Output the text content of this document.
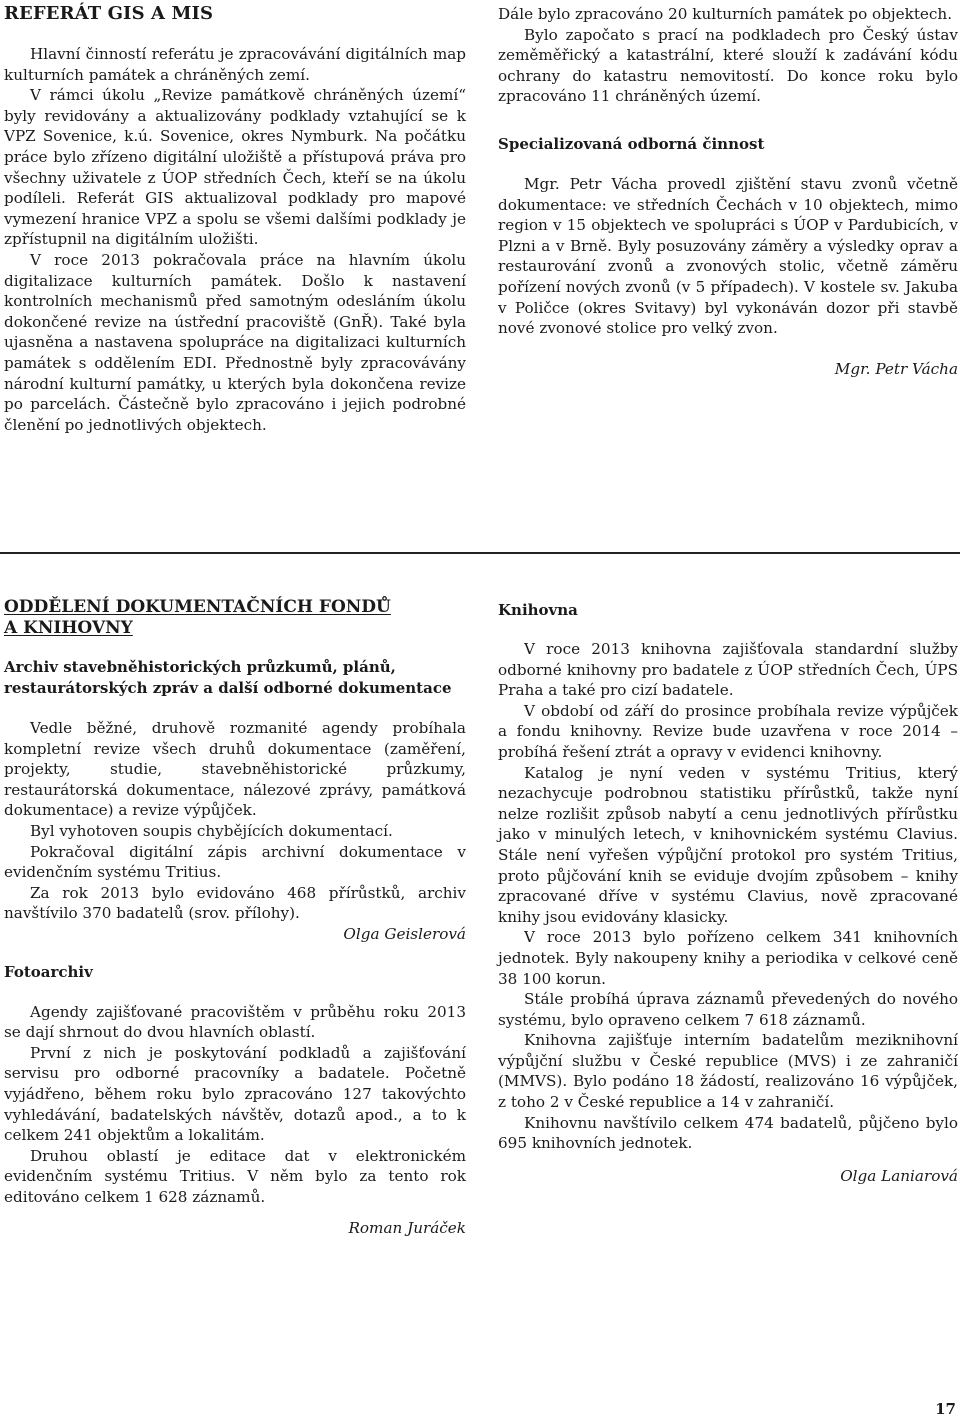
REFERÁT GIS A MIS

Hlavní činností referátu je zpracovávání digitálních map kulturních památek a chráněných zemí.

V rámci úkolu „Revize památkově chráněných území“ byly revidovány a aktualizovány podklady vztahující se k VPZ Sovenice, k.ú. Sovenice, okres Nymburk. Na počátku práce bylo zřízeno digitální uložiště a přístupová práva pro všechny uživatele z ÚOP středních Čech, kteří se na úkolu podíleli. Referát GIS aktualizoval podklady pro mapové vymezení hranice VPZ a spolu se všemi dalšími podklady je zpřístupnil na digitálním uložišti.

V roce 2013 pokračovala práce na hlavním úkolu digitalizace kulturních památek. Došlo k nastavení kontrolních mechanismů před samotným odesláním úkolu dokončené revize na ústřední pracoviště (GnŘ). Také byla ujasněna a nastavena spolupráce na digitalizaci kulturních památek s oddělením EDI. Přednostně byly zpracovávány národní kulturní památky, u kterých byla dokončena revize po parcelách. Částečně bylo zpracováno i jejich podrobné členění po jednotlivých objektech.

Dále bylo zpracováno 20 kulturních památek po objektech.

Bylo započato s prací na podkladech pro Český ústav zeměměřický a katastrální, které slouží k zadávání kódu ochrany do katastru nemovitostí. Do konce roku bylo zpracováno 11 chráněných území.

Specializovaná odborná činnost

Mgr. Petr Vácha provedl zjištění stavu zvonů včetně dokumentace: ve středních Čechách v 10 objektech, mimo region v 15 objektech ve spolupráci s ÚOP v Pardubicích, v Plzni a v Brně. Byly posuzovány záměry a výsledky oprav a restaurování zvonů a zvonových stolic, včetně záměru pořízení nových zvonů (v 5 případech). V kostele sv. Jakuba v Poličce (okres Svitavy) byl vykonáván dozor při stavbě nové zvonové stolice pro velký zvon.

Mgr. Petr Vácha

ODDĚLENÍ DOKUMENTAČNÍCH FONDŮ
A KNIHOVNY
Archiv stavebněhistorických průzkumů, plánů,
restaurátorských zpráv a další odborné dokumentace

Vedle běžné, druhově rozmanité agendy probíhala kompletní revize všech druhů dokumentace (zaměření, projekty, studie, stavebněhistorické průzkumy, restaurátorská dokumentace, nálezové zprávy, památková dokumentace) a revize výpůjček.

Byl vyhotoven soupis chybějících dokumentací.

Pokračoval digitální zápis archivní dokumentace v evidenčním systému Tritius.

Za rok 2013 bylo evidováno 468 přírůstků, archiv navštívilo 370 badatelů (srov. přílohy).

Olga Geislerová

Fotoarchiv

Agendy zajišťované pracovištěm v průběhu roku 2013 se dají shrnout do dvou hlavních oblastí.

První z nich je poskytování podkladů a zajišťování servisu pro odborné pracovníky a badatele. Početně vyjádřeno, během roku bylo zpracováno 127 takovýchto vyhledávání, badatelských návštěv, dotazů apod., a to k celkem 241 objektům a lokalitám.

Druhou oblastí je editace dat v elektronickém evidenčním systému Tritius. V něm bylo za tento rok editováno celkem 1 628 záznamů.

Roman Juráček

Knihovna

V roce 2013 knihovna zajišťovala standardní služby odborné knihovny pro badatele z ÚOP středních Čech, ÚPS Praha a také pro cizí badatele.

V období od září do prosince probíhala revize výpůjček a fondu knihovny. Revize bude uzavřena v roce 2014 – probíhá řešení ztrát a opravy v evidenci knihovny.

Katalog je nyní veden v systému Tritius, který nezachycuje podrobnou statistiku přírůstků, takže nyní nelze rozlišit způsob nabytí a cenu jednotlivých přírůstku jako v minulých letech, v knihovnickém systému Clavius. Stále není vyřešen výpůjční protokol pro systém Tritius, proto půjčování knih se eviduje dvojím způsobem – knihy zpracované dříve v systému Clavius, nově zpracované knihy jsou evidovány klasicky.

V roce 2013 bylo pořízeno celkem 341 knihovních jednotek. Byly nakoupeny knihy a periodika v celkové ceně 38 100 korun.

Stále probíhá úprava záznamů převedených do nového systému, bylo opraveno celkem 7 618 záznamů.

Knihovna zajišťuje interním badatelům meziknihovní výpůjční službu v České republice (MVS) i ze zahraničí (MMVS). Bylo podáno 18 žádostí, realizováno 16 výpůjček, z toho 2 v České republice a 14 v zahraničí.

Knihovnu navštívilo celkem 474 badatelů, půjčeno bylo 695 knihovních jednotek.

Olga Laniarová

17
